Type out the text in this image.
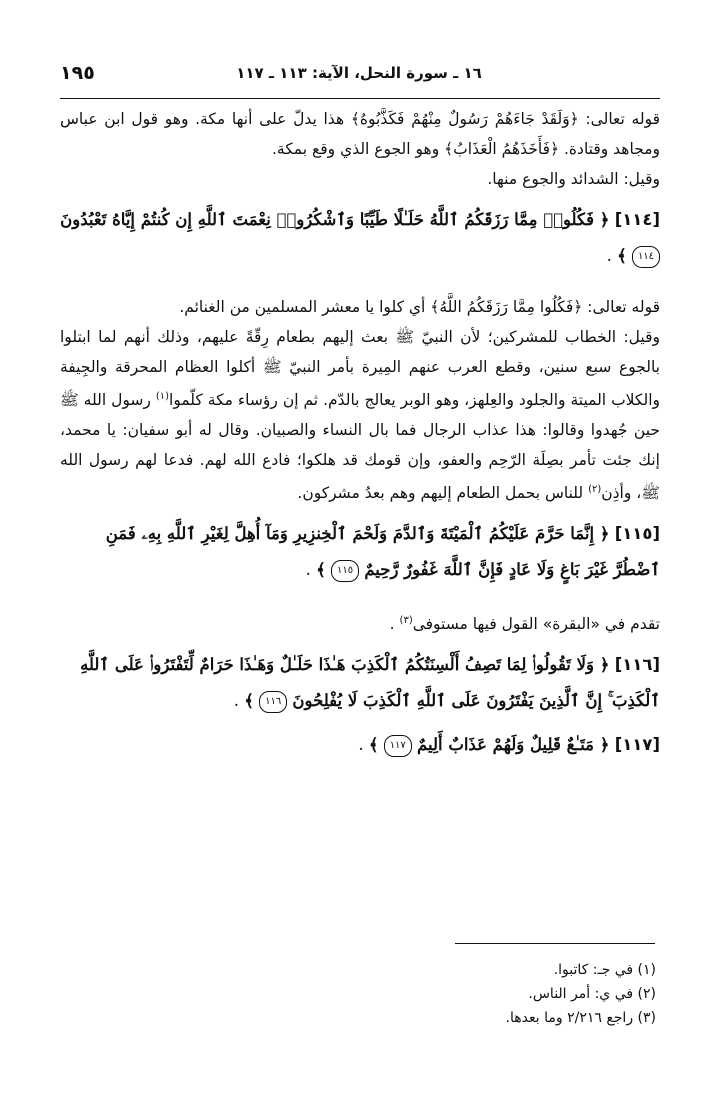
١٦ ـ سورة النحل، الآية: ١١٣ ـ ١١٧
١٩٥

قوله تعالى: ﴿وَلَقَدْ جَاءَهُمْ رَسُولٌ مِنْهُمْ فَكَذَّبُوهُ﴾ هذا يدلّ على أنها مكة. وهو قول ابن عباس ومجاهد وقتادة. ﴿فَأَخَذَهُمُ الْعَذَابُ﴾ وهو الجوع الذي وقع بمكة.

وقيل: الشدائد والجوع منها.

[١١٤] ﴿ فَكُلُوا۟ مِمَّا رَزَقَكُمُ ٱللَّهُ حَلَـٰلًا طَيِّبًا وَٱشْكُرُوا۟ نِعْمَتَ ٱللَّهِ إِن كُنتُمْ إِيَّاهُ تَعْبُدُونَ ١١٤ ﴾ .

قوله تعالى: ﴿فَكُلُوا مِمَّا رَزَقَكُمُ اللَّهُ﴾ أي كلوا يا معشر المسلمين من الغنائم.

وقيل: الخطاب للمشركين؛ لأن النبيّ ﷺ بعث إليهم بطعام رِقّةً عليهم، وذلك أنهم لما ابتلوا بالجوع سبع سنين، وقطع العرب عنهم المِيرة بأمر النبيّ ﷺ أكلوا العظام المحرقة والجِيفة والكلاب الميتة والجلود والعِلهز، وهو الوبر يعالج بالدّم. ثم إن رؤساء مكة كلّموا$^{(١)}$ رسول الله ﷺ حين جُهدوا وقالوا: هذا عذاب الرجال فما بال النساء والصبيان. وقال له أبو سفيان: يا محمد، إنك جئت تأمر بصِلَة الرّحِم والعفو، وإن قومك قد هلكوا؛ فادع الله لهم. فدعا لهم رسول الله ﷺ، وأذِن$^{(٢)}$ للناس بحمل الطعام إليهم وهم بعدُ مشركون.

[١١٥] ﴿ إِنَّمَا حَرَّمَ عَلَيْكُمُ ٱلْمَيْتَةَ وَٱلدَّمَ وَلَحْمَ ٱلْخِنزِيرِ وَمَآ أُهِلَّ لِغَيْرِ ٱللَّهِ بِهِۦ فَمَنِ ٱضْطُرَّ غَيْرَ بَاغٍ وَلَا عَادٍ فَإِنَّ ٱللَّهَ غَفُورٌ رَّحِيمٌ ١١٥ ﴾ .

تقدم في «البقرة» القول فيها مستوفى$^{(٣)}$ .

[١١٦] ﴿ وَلَا تَقُولُوا۟ لِمَا تَصِفُ أَلْسِنَتُكُمُ ٱلْكَذِبَ هَـٰذَا حَلَـٰلٌ وَهَـٰذَا حَرَامٌ لِّتَفْتَرُوا۟ عَلَى ٱللَّهِ ٱلْكَذِبَ ۚ إِنَّ ٱلَّذِينَ يَفْتَرُونَ عَلَى ٱللَّهِ ٱلْكَذِبَ لَا يُفْلِحُونَ ١١٦ ﴾ .

[١١٧] ﴿ مَتَـٰعٌ قَلِيلٌ وَلَهُمْ عَذَابٌ أَلِيمٌ ١١٧ ﴾ .

(١) في جـ: كاتبوا.

(٢) في ي: أمر الناس.

(٣) راجع ٢/٢١٦ وما بعدها.
